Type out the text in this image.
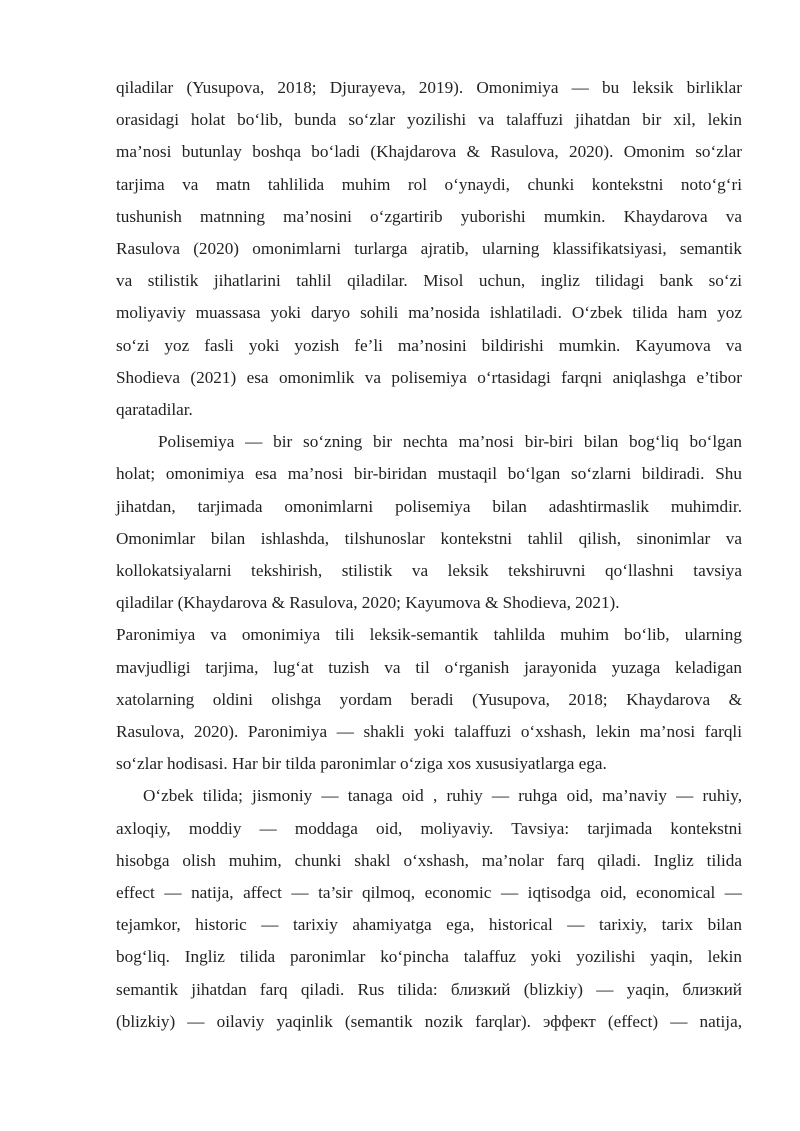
qiladilar (Yusupova, 2018; Djurayeva, 2019). Omonimiya — bu leksik birliklar
orasidagi holat bo‘lib, bunda so‘zlar yozilishi va talaffuzi jihatdan bir xil, lekin
ma’nosi butunlay boshqa bo‘ladi (Khajdarova & Rasulova, 2020). Omonim so‘zlar
tarjima va matn tahlilida muhim rol o‘ynaydi, chunki kontekstni noto‘g‘ri
tushunish matnning ma’nosini o‘zgartirib yuborishi mumkin. Khaydarova va
Rasulova (2020) omonimlarni turlarga ajratib, ularning klassifikatsiyasi, semantik
va stilistik jihatlarini tahlil qiladilar. Misol uchun, ingliz tilidagi bank so‘zi
moliyaviy muassasa yoki daryo sohili ma’nosida ishlatiladi. O‘zbek tilida ham yoz
so‘zi yoz fasli yoki yozish fe’li ma’nosini bildirishi mumkin. Kayumova va
Shodieva (2021) esa omonimlik va polisemiya o‘rtasidagi farqni aniqlashga e’tibor
qaratadilar.
Polisemiya — bir so‘zning bir nechta ma’nosi bir-biri bilan bog‘liq bo‘lgan
holat; omonimiya esa ma’nosi bir-biridan mustaqil bo‘lgan so‘zlarni bildiradi. Shu
jihatdan, tarjimada omonimlarni polisemiya bilan adashtirmaslik muhimdir.
Omonimlar bilan ishlashda, tilshunoslar kontekstni tahlil qilish, sinonimlar va
kollokatsiyalarni tekshirish, stilistik va leksik tekshiruvni qo‘llashni tavsiya
qiladilar (Khaydarova & Rasulova, 2020; Kayumova & Shodieva, 2021).
Paronimiya va omonimiya tili leksik-semantik tahlilda muhim bo‘lib, ularning
mavjudligi tarjima, lug‘at tuzish va til o‘rganish jarayonida yuzaga keladigan
xatolarning oldini olishga yordam beradi (Yusupova, 2018; Khaydarova &
Rasulova, 2020). Paronimiya — shakli yoki talaffuzi o‘xshash, lekin ma’nosi farqli
so‘zlar hodisasi. Har bir tilda paronimlar o‘ziga xos xususiyatlarga ega.
O‘zbek tilida; jismoniy — tanaga oid , ruhiy — ruhga oid, ma’naviy — ruhiy,
axloqiy, moddiy — moddaga oid, moliyaviy. Tavsiya: tarjimada kontekstni
hisobga olish muhim, chunki shakl o‘xshash, ma’nolar farq qiladi. Ingliz tilida
effect — natija, affect — ta’sir qilmoq, economic — iqtisodga oid, economical —
tejamkor, historic — tarixiy ahamiyatga ega, historical — tarixiy, tarix bilan
bog‘liq. Ingliz tilida paronimlar ko‘pincha talaffuz yoki yozilishi yaqin, lekin
semantik jihatdan farq qiladi. Rus tilida: близкий (blizkiy) — yaqin, близкий
(blizkiy) — oilaviy yaqinlik (semantik nozik farqlar). эффект (effect) — natija,
